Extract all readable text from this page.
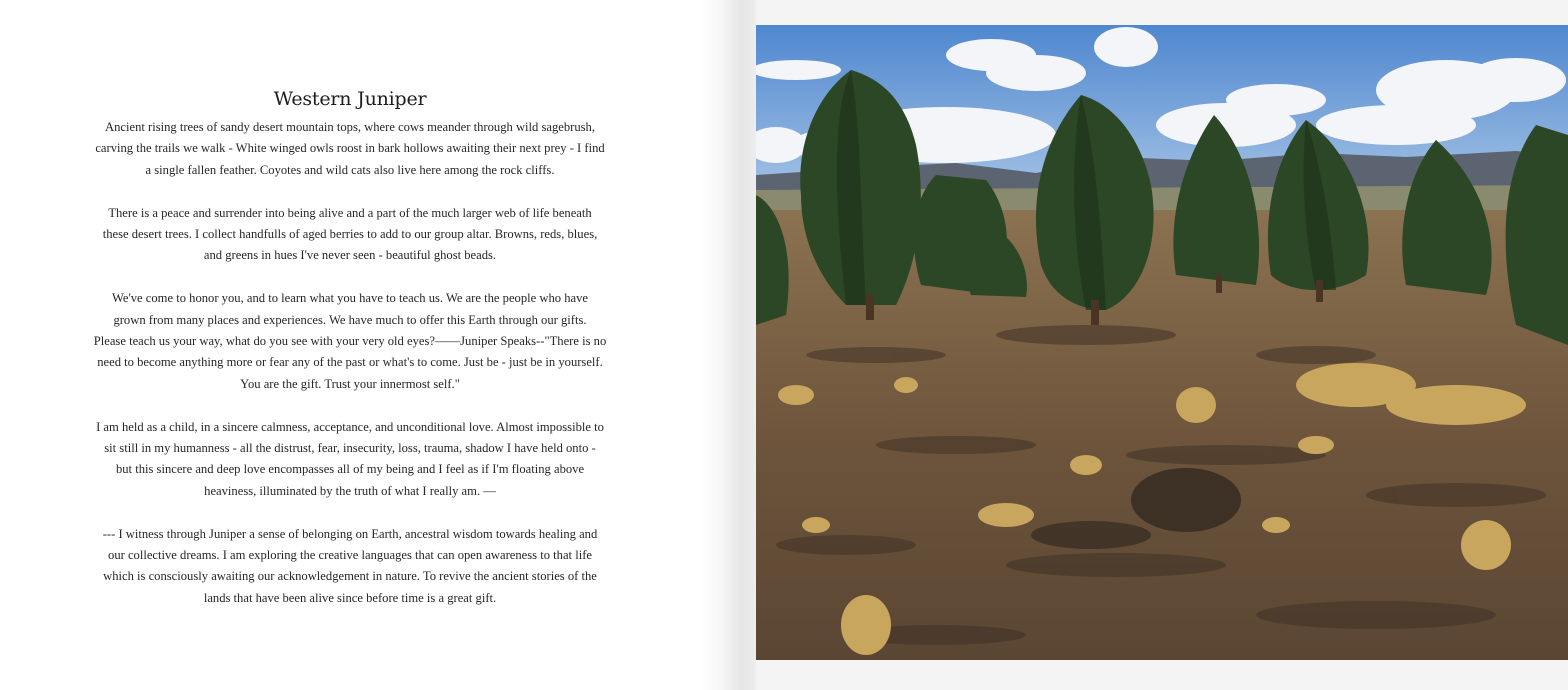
Western Juniper

Ancient rising trees of sandy desert mountain tops, where cows meander through wild sagebrush,
carving the trails we walk - White winged owls roost in bark hollows awaiting their next prey - I find
a single fallen feather. Coyotes and wild cats also live here among the rock cliffs.

There is a peace and surrender into being alive and a part of the much larger web of life beneath
these desert trees. I collect handfulls of aged berries to add to our group altar. Browns, reds, blues,
and greens in hues I've never seen - beautiful ghost beads.

We've come to honor you, and to learn what you have to teach us. We are the people who have
grown from many places and experiences. We have much to offer this Earth through our gifts.
Please teach us your way, what do you see with your very old eyes?——Juniper Speaks--"There is no
need to become anything more or fear any of the past or what's to come. Just be - just be in yourself.
You are the gift. Trust your innermost self."

I am held as a child, in a sincere calmness, acceptance, and unconditional love. Almost impossible to
sit still in my humanness - all the distrust, fear, insecurity, loss, trauma, shadow I have held onto -
but this sincere and deep love encompasses all of my being and I feel as if I'm floating above
heaviness, illuminated by the truth of what I really am. —

--- I witness through Juniper a sense of belonging on Earth, ancestral wisdom towards healing and
our collective dreams. I am exploring the creative languages that can open awareness to that life
which is consciously awaiting our acknowledgement in nature. To revive the ancient stories of the
lands that have been alive since before time is a great gift.
